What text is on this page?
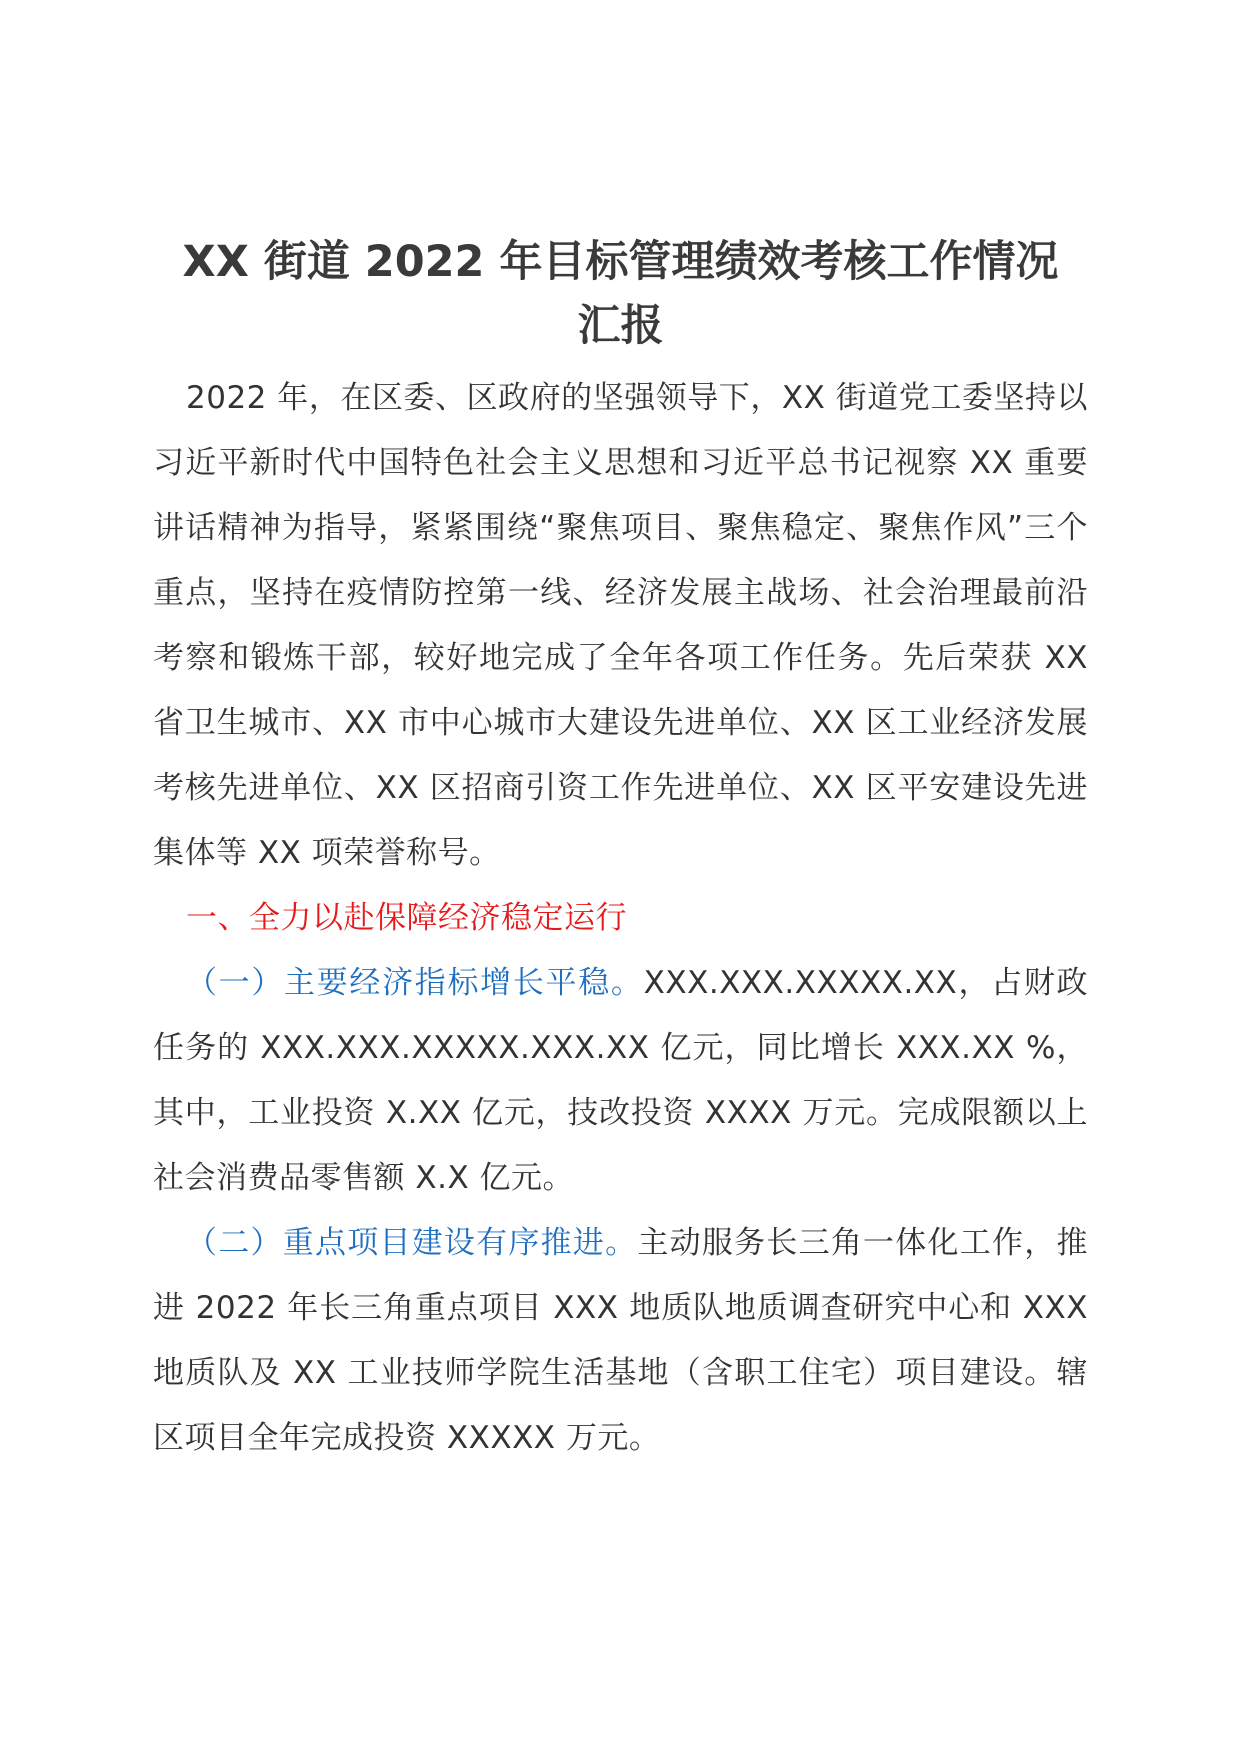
XX 街道 2022 年目标管理绩效考核工作情况
汇报

2022 年，在区委、区政府的坚强领导下，XX 街道党工委坚持以习近平新时代中国特色社会主义思想和习近平总书记视察 XX 重要讲话精神为指导，紧紧围绕“聚焦项目、聚焦稳定、聚焦作风”三个重点，坚持在疫情防控第一线、经济发展主战场、社会治理最前沿考察和锻炼干部，较好地完成了全年各项工作任务。先后荣获 XX 省卫生城市、XX 市中心城市大建设先进单位、XX 区工业经济发展考核先进单位、XX 区招商引资工作先进单位、XX 区平安建设先进集体等 XX 项荣誉称号。

一、全力以赴保障经济稳定运行

（一）主要经济指标增长平稳。XXX.XXX.XXXXX.XX，占财政任务的 XXX.XXX.XXXXX.XXX.XX 亿元，同比增长 XXX.XX %，其中，工业投资 X.XX 亿元，技改投资 XXXX 万元。完成限额以上社会消费品零售额 X.X 亿元。

（二）重点项目建设有序推进。主动服务长三角一体化工作，推进 2022 年长三角重点项目 XXX 地质队地质调查研究中心和 XXX 地质队及 XX 工业技师学院生活基地（含职工住宅）项目建设。辖区项目全年完成投资 XXXXX 万元。
